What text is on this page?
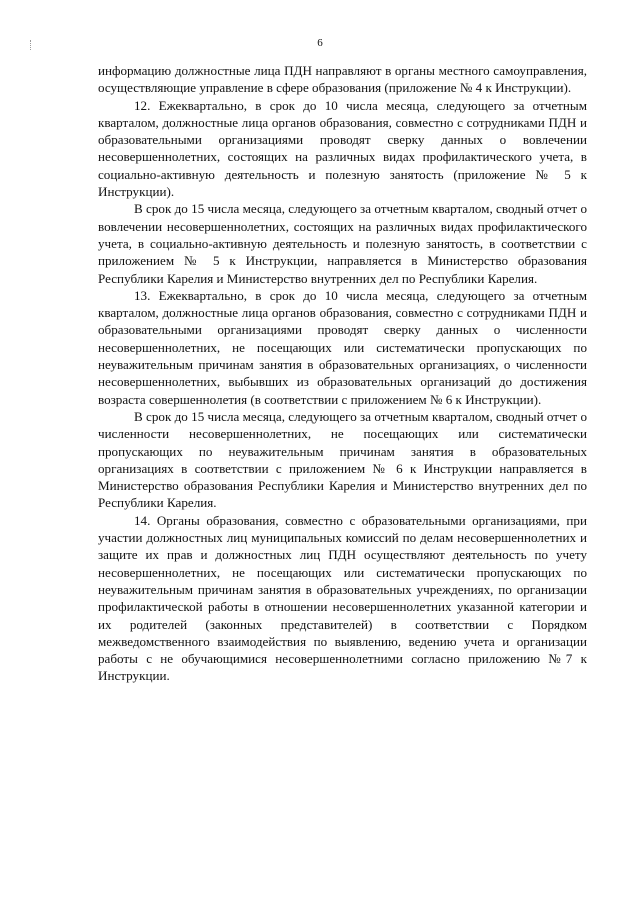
6

информацию должностные лица ПДН направляют в органы местного самоуправления, осуществляющие управление в сфере образования (приложение № 4 к Инструкции).

12. Ежеквартально, в срок до 10 числа месяца, следующего за отчетным кварталом, должностные лица органов образования, совместно с сотрудниками ПДН и образовательными организациями проводят сверку данных о вовлечении несовершеннолетних, состоящих на различных видах профилактического учета, в социально-активную деятельность и полезную занятость (приложение № 5 к Инструкции).

В срок до 15 числа месяца, следующего за отчетным кварталом, сводный отчет о вовлечении несовершеннолетних, состоящих на различных видах профилактического учета, в социально-активную деятельность и полезную занятость, в соответствии с приложением № 5 к Инструкции, направляется в Министерство образования Республики Карелия и Министерство внутренних дел по Республики Карелия.

13. Ежеквартально, в срок до 10 числа месяца, следующего за отчетным кварталом, должностные лица органов образования, совместно с сотрудниками ПДН и образовательными организациями проводят сверку данных о численности несовершеннолетних, не посещающих или систематически пропускающих по неуважительным причинам занятия в образовательных организациях, о численности несовершеннолетних, выбывших из образовательных организаций до достижения возраста совершеннолетия (в соответствии с приложением № 6 к Инструкции).

В срок до 15 числа месяца, следующего за отчетным кварталом, сводный отчет о численности несовершеннолетних, не посещающих или систематически пропускающих по неуважительным причинам занятия в образовательных организациях в соответствии с приложением № 6 к Инструкции направляется в Министерство образования Республики Карелия и Министерство внутренних дел по Республики Карелия.

14. Органы образования, совместно с образовательными организациями, при участии должностных лиц муниципальных комиссий по делам несовершеннолетних и защите их прав и должностных лиц ПДН осуществляют деятельность по учету несовершеннолетних, не посещающих или систематически пропускающих по неуважительным причинам занятия в образовательных учреждениях, по организации профилактической работы в отношении несовершеннолетних указанной категории и их родителей (законных представителей) в соответствии с Порядком межведомственного взаимодействия по выявлению, ведению учета и организации работы с не обучающимися несовершеннолетними согласно приложению №7 к Инструкции.
